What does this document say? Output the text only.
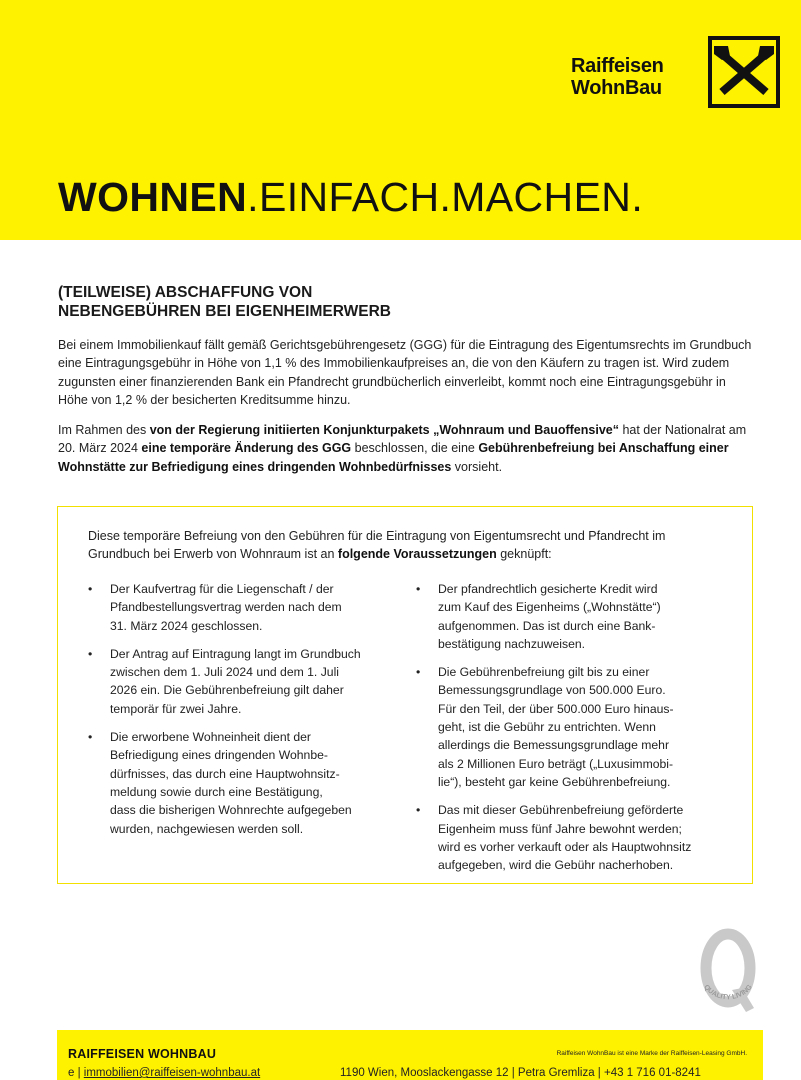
Raiffeisen
WohnBau
WOHNEN.EINFACH.MACHEN.
(TEILWEISE) ABSCHAFFUNG VON
NEBENGEBÜHREN BEI EIGENHEIMERWERB
Bei einem Immobilienkauf fällt gemäß Gerichtsgebührengesetz (GGG) für die Eintragung des Eigentumsrechts im Grundbuch eine Eintragungsgebühr in Höhe von 1,1 % des Immobilienkaufpreises an, die von den Käufern zu tragen ist. Wird zudem zugunsten einer finanzierenden Bank ein Pfandrecht grundbücherlich einverleibt, kommt noch eine Eintragungsgebühr in Höhe von 1,2 % der besicherten Kreditsumme hinzu.
Im Rahmen des von der Regierung initiierten Konjunkturpakets „Wohnraum und Bauoffensive“ hat der Nationalrat am 20. März 2024 eine temporäre Änderung des GGG beschlossen, die eine Gebührenbefreiung bei Anschaffung einer Wohnstätte zur Befriedigung eines dringenden Wohnbedürfnisses vorsieht.
Diese temporäre Befreiung von den Gebühren für die Eintragung von Eigentumsrecht und Pfandrecht im Grundbuch bei Erwerb von Wohnraum ist an folgende Voraussetzungen geknüpft:
•	Der Kaufvertrag für die Liegenschaft / der
Pfandbestellungsvertrag werden nach dem
31. März 2024 geschlossen.
•	Der Antrag auf Eintragung langt im Grundbuch
zwischen dem 1. Juli 2024 und dem 1. Juli
2026 ein. Die Gebührenbefreiung gilt daher
temporär für zwei Jahre.
•	Die erworbene Wohneinheit dient der
Befriedigung eines dringenden Wohnbe-
dürfnisses, das durch eine Hauptwohnsitz-
meldung sowie durch eine Bestätigung,
dass die bisherigen Wohnrechte aufgegeben
wurden, nachgewiesen werden soll.
•	Der pfandrechtlich gesicherte Kredit wird
zum Kauf des Eigenheims („Wohnstätte“)
aufgenommen. Das ist durch eine Bank-
bestätigung nachzuweisen.
•	Die Gebührenbefreiung gilt bis zu einer
Bemessungsgrundlage von 500.000 Euro.
Für den Teil, der über 500.000 Euro hinaus-
geht, ist die Gebühr zu entrichten. Wenn
allerdings die Bemessungsgrundlage mehr
als 2 Millionen Euro beträgt („Luxusimmobi-
lie“), besteht gar keine Gebührenbefreiung.
•	Das mit dieser Gebührenbefreiung geförderte
Eigenheim muss fünf Jahre bewohnt werden;
wird es vorher verkauft oder als Hauptwohnsitz
aufgegeben, wird die Gebühr nacherhoben.
QUALITY LIVING
RAIFFEISEN WOHNBAU	Raiffeisen WohnBau ist eine Marke der Raiffeisen-Leasing GmbH.
e | immobilien@raiffeisen-wohnbau.at	1190 Wien, Mooslackengasse 12 | Petra Gremliza | +43 1 716 01-8241
